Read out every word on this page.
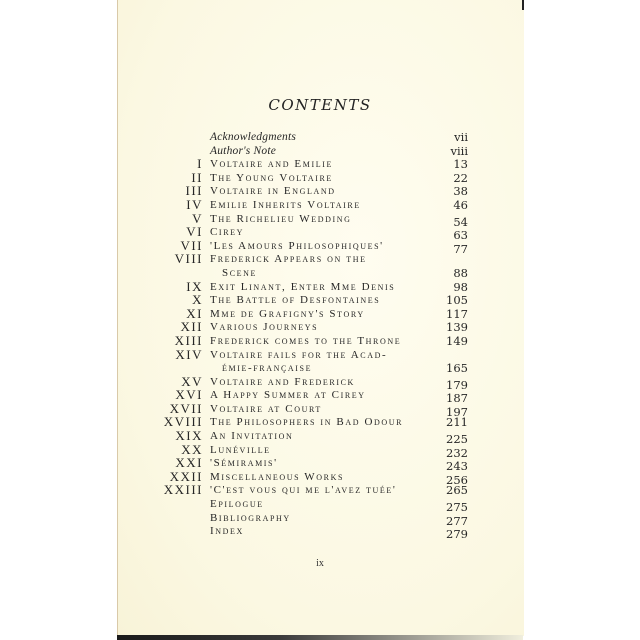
CONTENTS
Acknowledgments	vii
Author's Note	viii
I Voltaire and Emilie	13
II The Young Voltaire	22
III Voltaire in England	38
IV Emilie Inherits Voltaire	46
V The Richelieu Wedding	54
VI Cirey	63
VII 'Les Amours Philosophiques'	77
VIII Frederick Appears on the
Scene	88
IX Exit Linant, Enter Mme Denis	98
X The Battle of Desfontaines	105
XI Mme de Grafigny's Story	117
XII Various Journeys	139
XIII Frederick comes to the Throne	149
XIV Voltaire fails for the Acad-
émie-française	165
XV Voltaire and Frederick	179
XVI A Happy Summer at Cirey	187
XVII Voltaire at Court	197
XVIII The Philosophers in Bad Odour	211
XIX An Invitation	225
XX Lunéville	232
XXI 'Sémiramis'	243
XXII Miscellaneous Works	256
XXIII 'C'est vous qui me l'avez tuée'	265
Epilogue	275
Bibliography	277
Index	279
ix
